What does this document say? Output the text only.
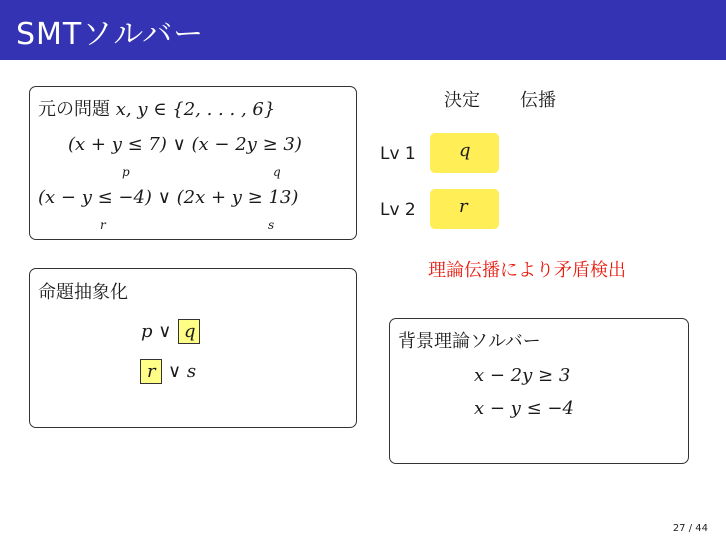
SMTソルバー
元の問題 x, y ∈ {2, . . . , 6}
(x + y ≤ 7) ∨ (x − 2y ≥ 3)
p	q
(x − y ≤ −4) ∨ (2x + y ≥ 13)
r	s
命題抽象化
p ∨ q
r ∨ s
決定 伝播
Lv 1 q
Lv 2 r
理論伝播により矛盾検出
背景理論ソルバー
x − 2y ≥ 3
x − y ≤ −4
27 / 44
